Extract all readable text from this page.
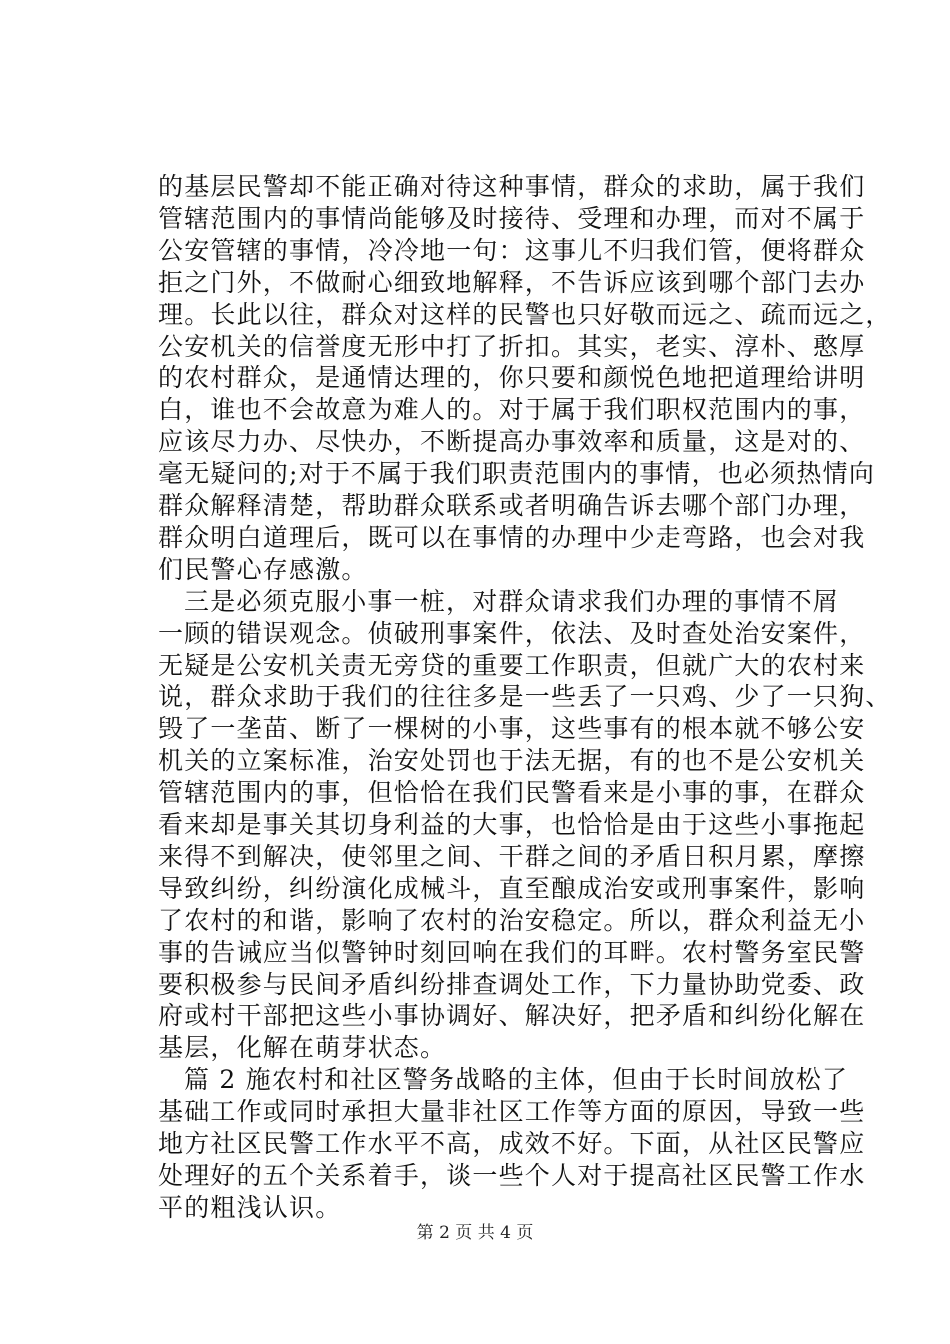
的基层民警却不能正确对待这种事情，群众的求助，属于我们
管辖范围内的事情尚能够及时接待、受理和办理，而对不属于
公安管辖的事情，冷冷地一句：这事儿不归我们管，便将群众
拒之门外，不做耐心细致地解释，不告诉应该到哪个部门去办
理。长此以往，群众对这样的民警也只好敬而远之、疏而远之，
公安机关的信誉度无形中打了折扣。其实，老实、淳朴、憨厚
的农村群众，是通情达理的，你只要和颜悦色地把道理给讲明
白，谁也不会故意为难人的。对于属于我们职权范围内的事，
应该尽力办、尽快办，不断提高办事效率和质量，这是对的、
毫无疑问的;对于不属于我们职责范围内的事情，也必须热情向
群众解释清楚，帮助群众联系或者明确告诉去哪个部门办理，
群众明白道理后，既可以在事情的办理中少走弯路，也会对我
们民警心存感激。
三是必须克服小事一桩，对群众请求我们办理的事情不屑
一顾的错误观念。侦破刑事案件，依法、及时查处治安案件，
无疑是公安机关责无旁贷的重要工作职责，但就广大的农村来
说，群众求助于我们的往往多是一些丢了一只鸡、少了一只狗、
毁了一垄苗、断了一棵树的小事，这些事有的根本就不够公安
机关的立案标准，治安处罚也于法无据，有的也不是公安机关
管辖范围内的事，但恰恰在我们民警看来是小事的事，在群众
看来却是事关其切身利益的大事，也恰恰是由于这些小事拖起
来得不到解决，使邻里之间、干群之间的矛盾日积月累，摩擦
导致纠纷，纠纷演化成械斗，直至酿成治安或刑事案件，影响
了农村的和谐，影响了农村的治安稳定。所以，群众利益无小
事的告诫应当似警钟时刻回响在我们的耳畔。农村警务室民警
要积极参与民间矛盾纠纷排查调处工作，下力量协助党委、政
府或村干部把这些小事协调好、解决好，把矛盾和纠纷化解在
基层，化解在萌芽状态。
篇 2 施农村和社区警务战略的主体，但由于长时间放松了
基础工作或同时承担大量非社区工作等方面的原因，导致一些
地方社区民警工作水平不高，成效不好。下面，从社区民警应
处理好的五个关系着手，谈一些个人对于提高社区民警工作水
平的粗浅认识。
第 2 页 共 4 页
